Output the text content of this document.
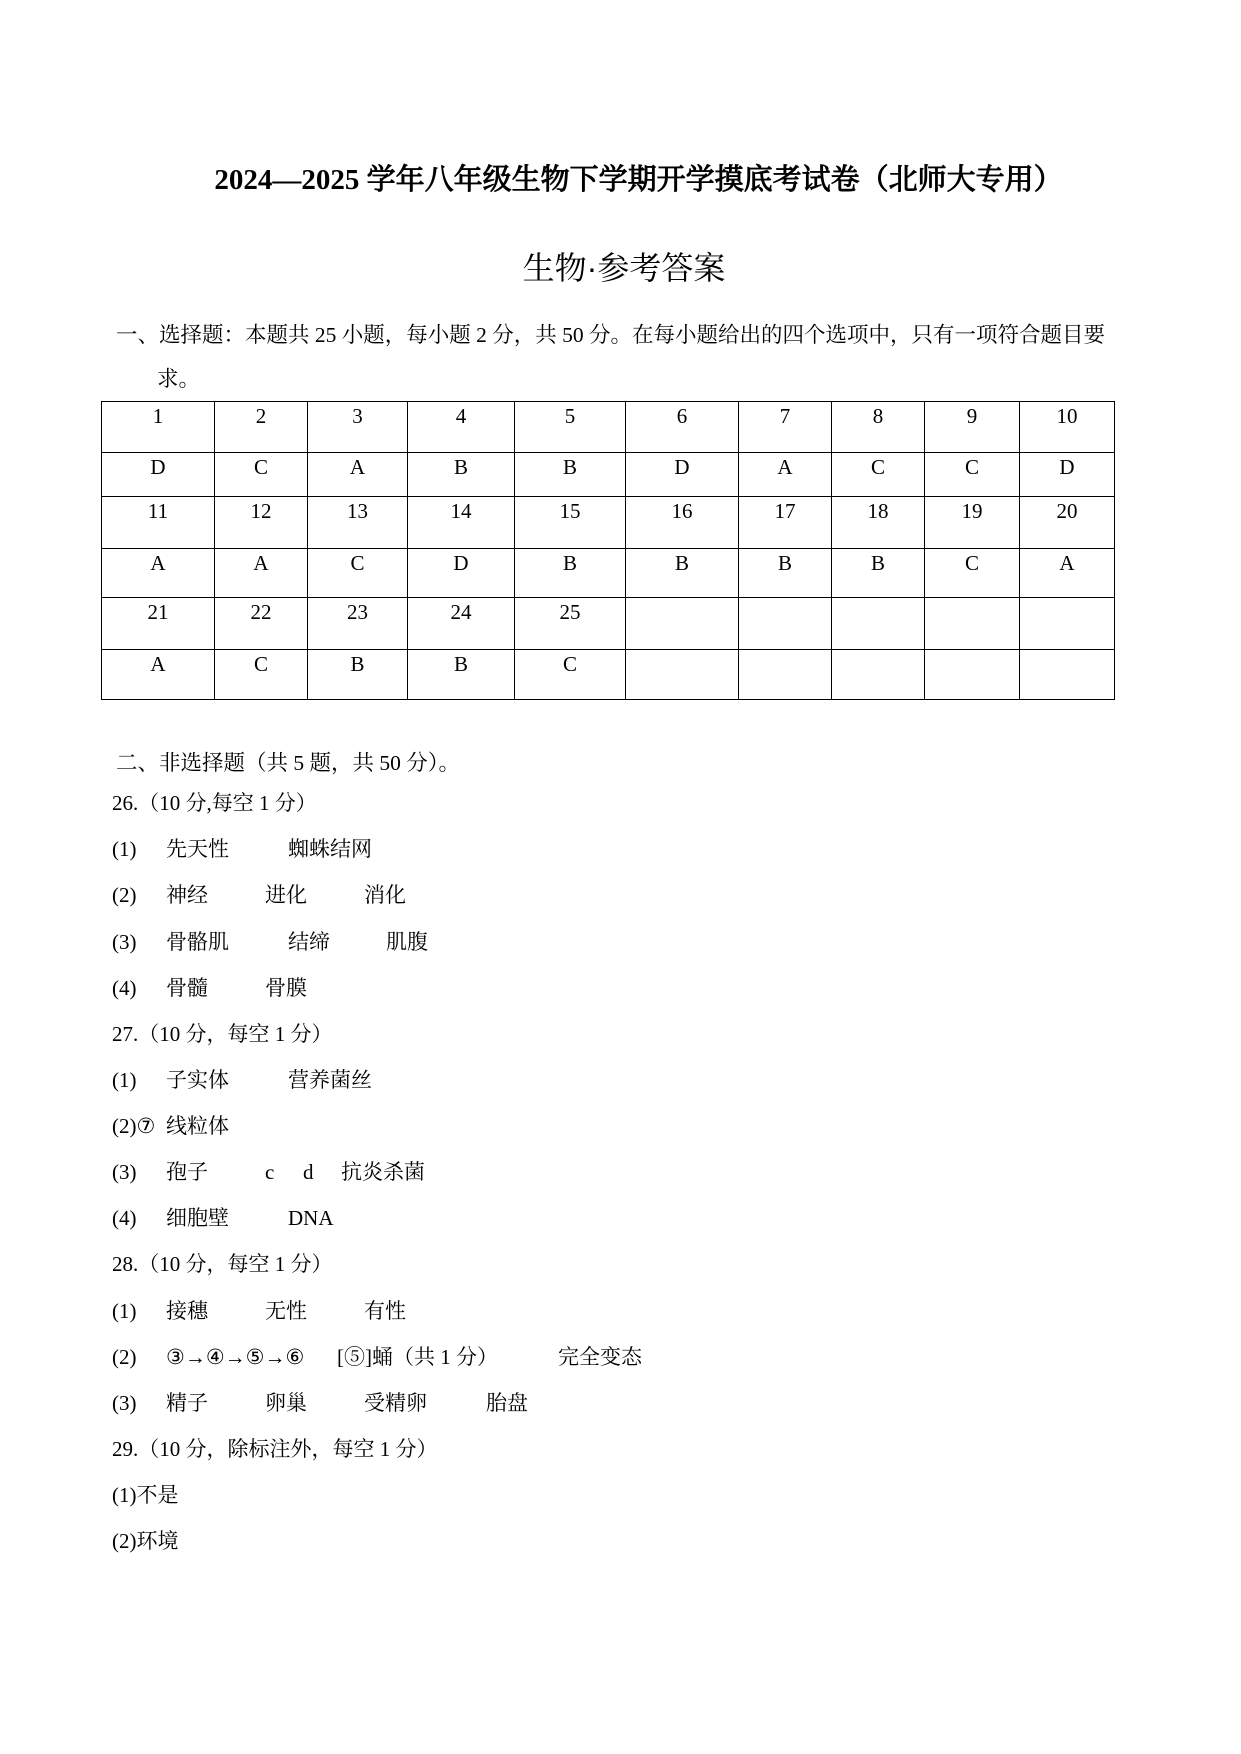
2024—2025 学年八年级生物下学期开学摸底考试卷（北师大专用）
生物·参考答案
一、选择题：本题共 25 小题，每小题 2 分，共 50 分。在每小题给出的四个选项中，只有一项符合题目要
求。
1	2	3	4	5	6	7	8	9	10
D	C	A	B	B	D	A	C	C	D
11	12	13	14	15	16	17	18	19	20
A	A	C	D	B	B	B	B	C	A
21	22	23	24	25					
A	C	B	B	C					
二、非选择题（共 5 题，共 50 分）。
26.（10 分,每空 1 分）
(1) 先天性	蜘蛛结网
(2) 神经	进化	消化
(3) 骨骼肌	结缔	肌腹
(4) 骨髓	骨膜
27.（10 分，每空 1 分）
(1) 子实体	营养菌丝
(2)⑦ 线粒体
(3) 孢子	c d 抗炎杀菌
(4) 细胞壁	DNA
28.（10 分，每空 1 分）
(1) 接穗	无性	有性
(2) ③→④→⑤→⑥ [⑤]蛹（共 1 分）	完全变态
(3) 精子	卵巢	受精卵	胎盘
29.（10 分，除标注外，每空 1 分）
(1)不是
(2)环境
